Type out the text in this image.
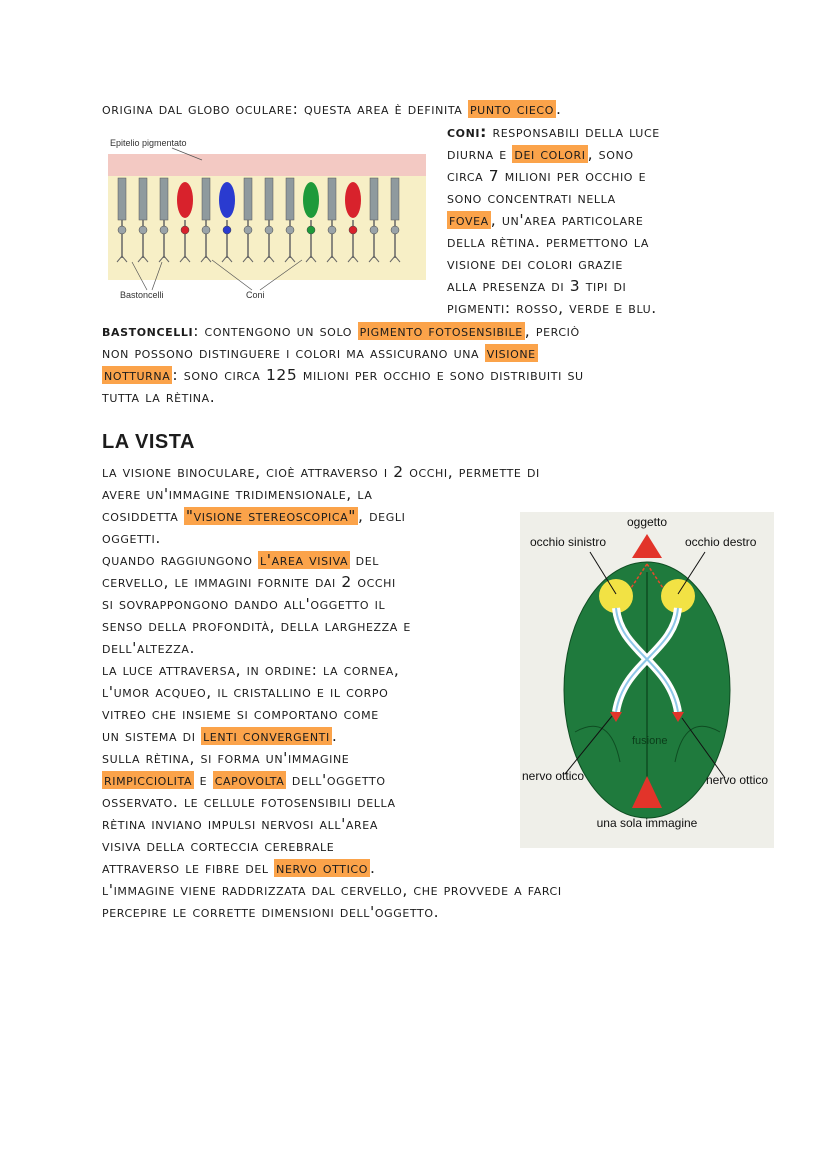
origina dal globo oculare: questa area è definita punto cieco .
Epitelio pigmentato
Bastoncelli	Coni
coni: responsabili della luce
diurna e dei colori , sono
circa 7 milioni per occhio e
sono concentrati nella
fovea , un'area particolare
della rètina. permettono la
visione dei colori grazie
alla presenza di 3 tipi di
pigmenti: rosso, verde e blu.
bastoncelli: contengono un solo pigmento fotosensibile , perciò
non possono distinguere i colori ma assicurano una visione
notturna : sono circa 125 milioni per occhio e sono distribuiti su
tutta la rètina.
LA VISTA
la visione binoculare, cioè attraverso i 2 occhi, permette di
avere un'immagine tridimensionale, la
cosiddetta "visione stereoscopica" , degli
oggetti.
quando raggiungono l'area visiva del
cervello, le immagini fornite dai 2 occhi
si sovrappongono dando all'oggetto il
senso della profondità, della larghezza e
dell'altezza.
la luce attraversa, in ordine: la cornea,
l'umor acqueo, il cristallino e il corpo
vitreo che insieme si comportano come
un sistema di lenti convergenti .
sulla rètina, si forma un'immagine
rimpicciolita e capovolta dell'oggetto
osservato. le cellule fotosensibili della
rètina inviano impulsi nervosi all'area
visiva della corteccia cerebrale
attraverso le fibre del nervo ottico .
l'immagine viene raddrizzata dal cervello, che provvede a farci
percepire le corrette dimensioni dell'oggetto.
oggetto
occhio sinistro	occhio destro
fusione
nervo ottico	nervo ottico
una sola immagine
